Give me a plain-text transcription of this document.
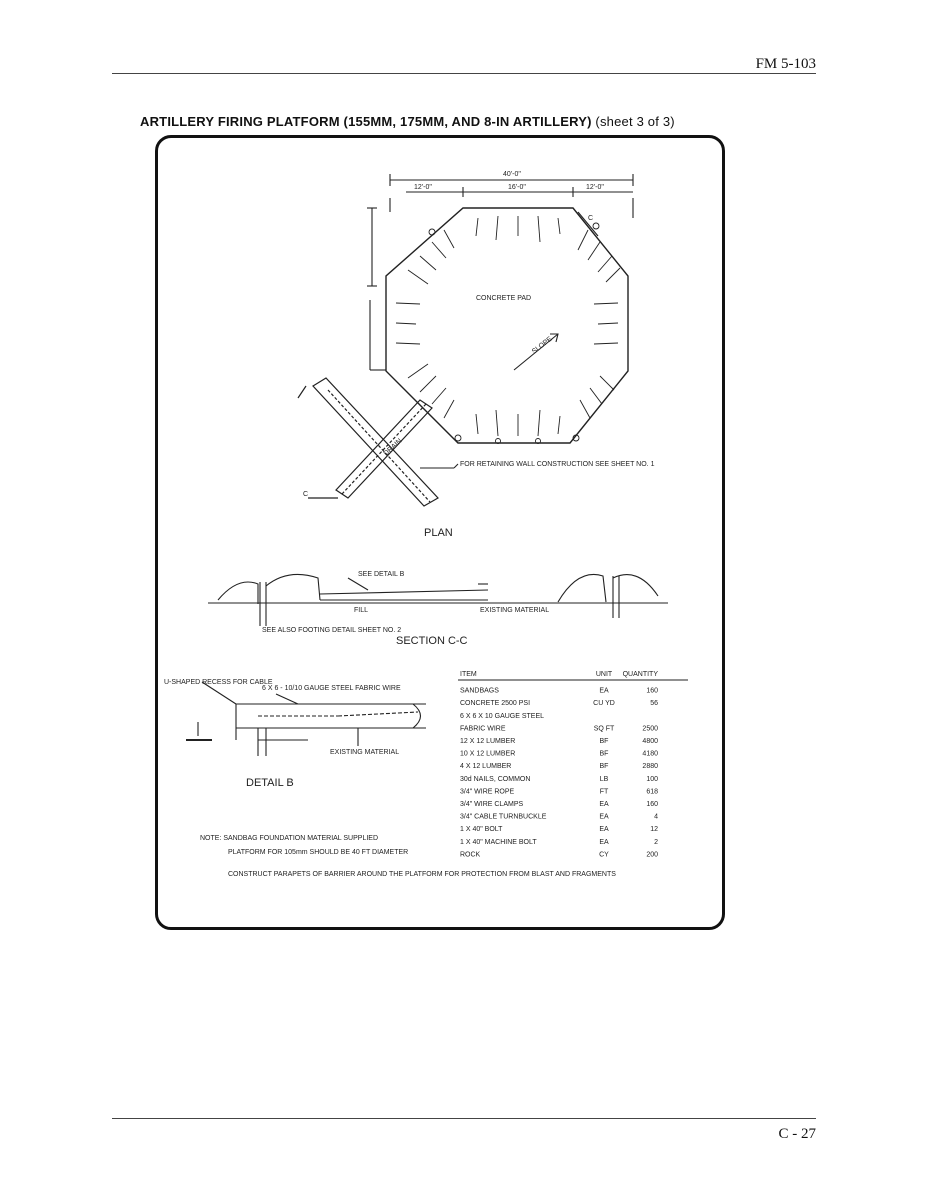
FM 5-103
ARTILLERY FIRING PLATFORM (155MM, 175MM, AND 8-IN ARTILLERY) (sheet 3 of 3)
40'-0"
12'-0"	16'-0"	12'-0"
CONCRETE PAD
SLOPE
DRAIN
C
C
FOR RETAINING WALL CONSTRUCTION SEE SHEET NO. 1
PLAN
SEE DETAIL B
FILL	EXISTING MATERIAL
SEE ALSO FOOTING DETAIL SHEET NO. 2
SECTION C-C
U-SHAPED RECESS FOR CABLE
6 X 6 - 10/10 GAUGE STEEL FABRIC WIRE
EXISTING MATERIAL
DETAIL B
ITEM	UNIT QUANTITY
SANDBAGS	EA	160
CONCRETE 2500 PSI	CU YD	56
6 X 6 X 10 GAUGE STEEL
FABRIC WIRE	SQ FT	2500
12 X 12 LUMBER	BF	4800
10 X 12 LUMBER	BF	4180
4 X 12 LUMBER	BF	2880
30d NAILS, COMMON	LB	100
3/4" WIRE ROPE	FT	618
3/4" WIRE CLAMPS	EA	160
3/4" CABLE TURNBUCKLE	EA	4
1 X 40" BOLT	EA	12
1 X 40" MACHINE BOLT	EA	2
ROCK	CY	200
NOTE: SANDBAG FOUNDATION MATERIAL SUPPLIED
PLATFORM FOR 105mm SHOULD BE 40 FT DIAMETER
CONSTRUCT PARAPETS OF BARRIER AROUND THE PLATFORM FOR PROTECTION FROM BLAST AND FRAGMENTS
C - 27
